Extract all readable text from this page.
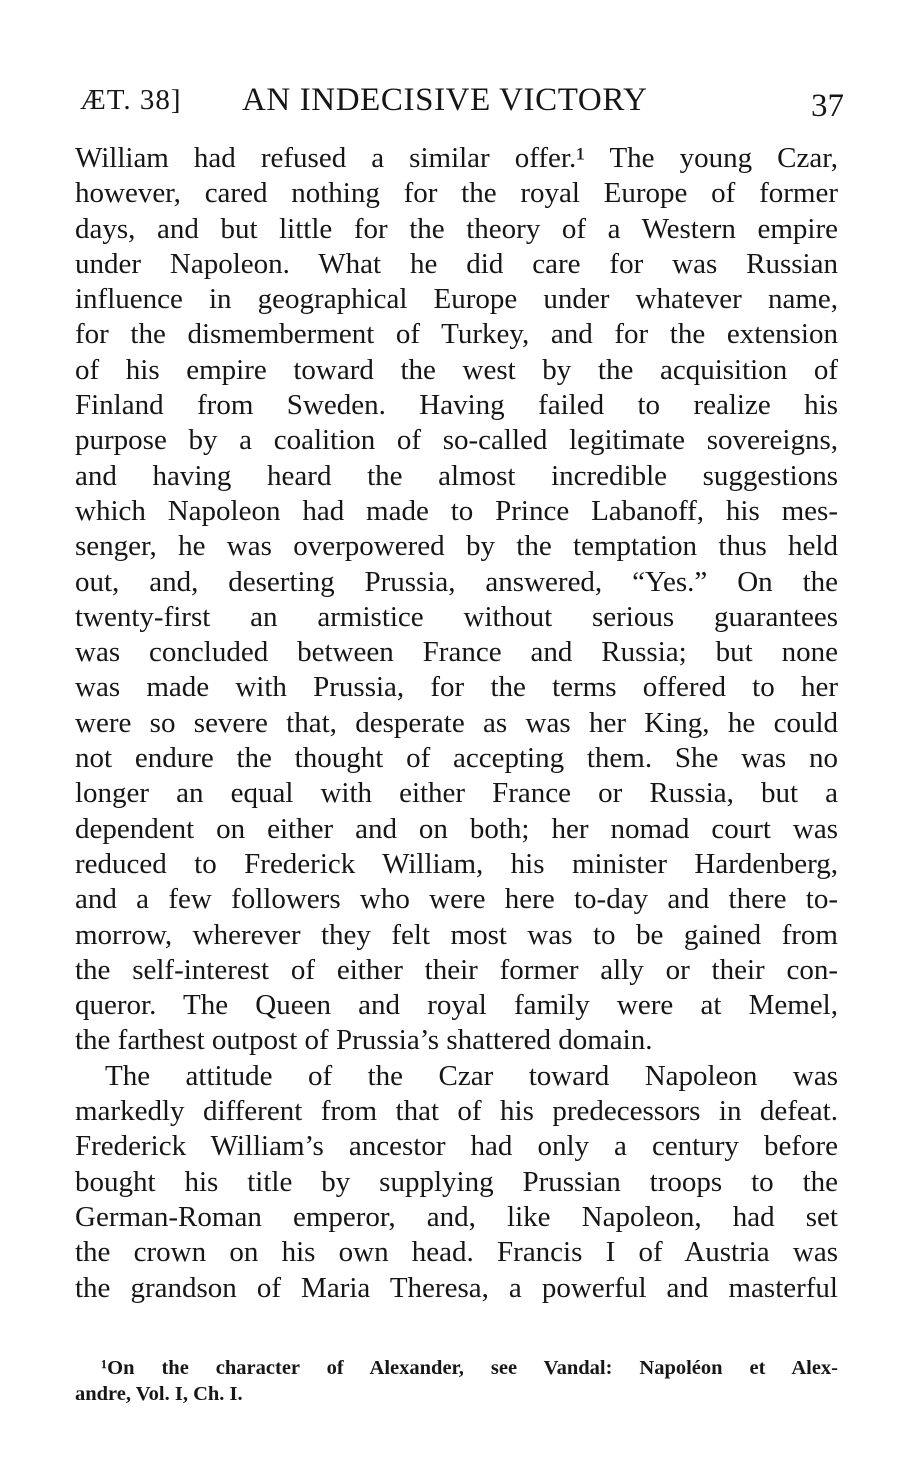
ÆT. 38] AN INDECISIVE VICTORY	37
William had refused a similar offer.¹ The young Czar,
however, cared nothing for the royal Europe of former
days, and but little for the theory of a Western empire
under Napoleon. What he did care for was Russian
influence in geographical Europe under whatever name,
for the dismemberment of Turkey, and for the extension
of his empire toward the west by the acquisition of
Finland from Sweden. Having failed to realize his
purpose by a coalition of so-called legitimate sovereigns,
and having heard the almost incredible suggestions
which Napoleon had made to Prince Labanoff, his mes-
senger, he was overpowered by the temptation thus held
out, and, deserting Prussia, answered, “Yes.” On the
twenty-first an armistice without serious guarantees
was concluded between France and Russia; but none
was made with Prussia, for the terms offered to her
were so severe that, desperate as was her King, he could
not endure the thought of accepting them. She was no
longer an equal with either France or Russia, but a
dependent on either and on both; her nomad court was
reduced to Frederick William, his minister Hardenberg,
and a few followers who were here to-day and there to-
morrow, wherever they felt most was to be gained from
the self-interest of either their former ally or their con-
queror. The Queen and royal family were at Memel,
the farthest outpost of Prussia’s shattered domain.
The attitude of the Czar toward Napoleon was
markedly different from that of his predecessors in defeat.
Frederick William’s ancestor had only a century before
bought his title by supplying Prussian troops to the
German-Roman emperor, and, like Napoleon, had set
the crown on his own head. Francis I of Austria was
the grandson of Maria Theresa, a powerful and masterful
¹On the character of Alexander, see Vandal: Napoléon et Alex-
andre, Vol. I, Ch. I.
